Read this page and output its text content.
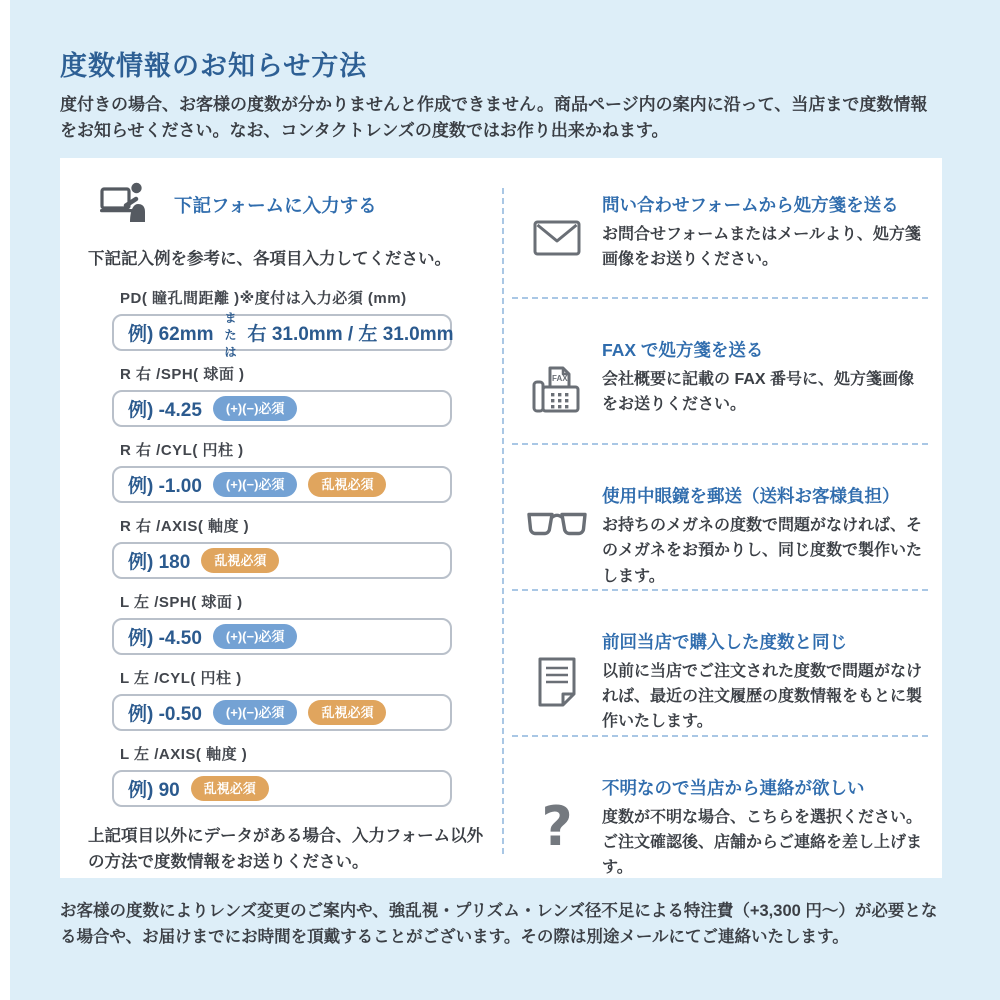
度数情報のお知らせ方法

度付きの場合、お客様の度数が分かりませんと作成できません。商品ページ内の案内に沿って、当店まで度数情報をお知らせください。なお、コンタクトレンズの度数ではお作り出来かねます。

下記フォームに入力する

下記記入例を参考に、各項目入力してください。

PD( 瞳孔間距離 )※度付は入力必須 (mm)
例) 62mm
または
右 31.0mm / 左 31.0mm
R 右 /SPH( 球面 )
例) -4.25	(+)(−)必須
R 右 /CYL( 円柱 )
例) -1.00	(+)(−)必須	乱視必須
R 右 /AXIS( 軸度 )
例) 180	乱視必須
L 左 /SPH( 球面 )
例) -4.50	(+)(−)必須
L 左 /CYL( 円柱 )
例) -0.50	(+)(−)必須	乱視必須
L 左 /AXIS( 軸度 )
例) 90	乱視必須

上記項目以外にデータがある場合、入力フォーム以外の方法で度数情報をお送りください。

問い合わせフォームから処方箋を送る
お問合せフォームまたはメールより、処方箋画像をお送りください。
FAX
FAX で処方箋を送る
会社概要に記載の FAX 番号に、処方箋画像をお送りください。
使用中眼鏡を郵送（送料お客様負担）
お持ちのメガネの度数で問題がなければ、そのメガネをお預かりし、同じ度数で製作いたします。
前回当店で購入した度数と同じ
以前に当店でご注文された度数で問題がなければ、最近の注文履歴の度数情報をもとに製作いたします。
?
不明なので当店から連絡が欲しい
度数が不明な場合、こちらを選択ください。ご注文確認後、店舗からご連絡を差し上げます。

お客様の度数によりレンズ変更のご案内や、強乱視・プリズム・レンズ径不足による特注費（+3,300 円～）が必要となる場合や、お届けまでにお時間を頂戴することがございます。その際は別途メールにてご連絡いたします。
